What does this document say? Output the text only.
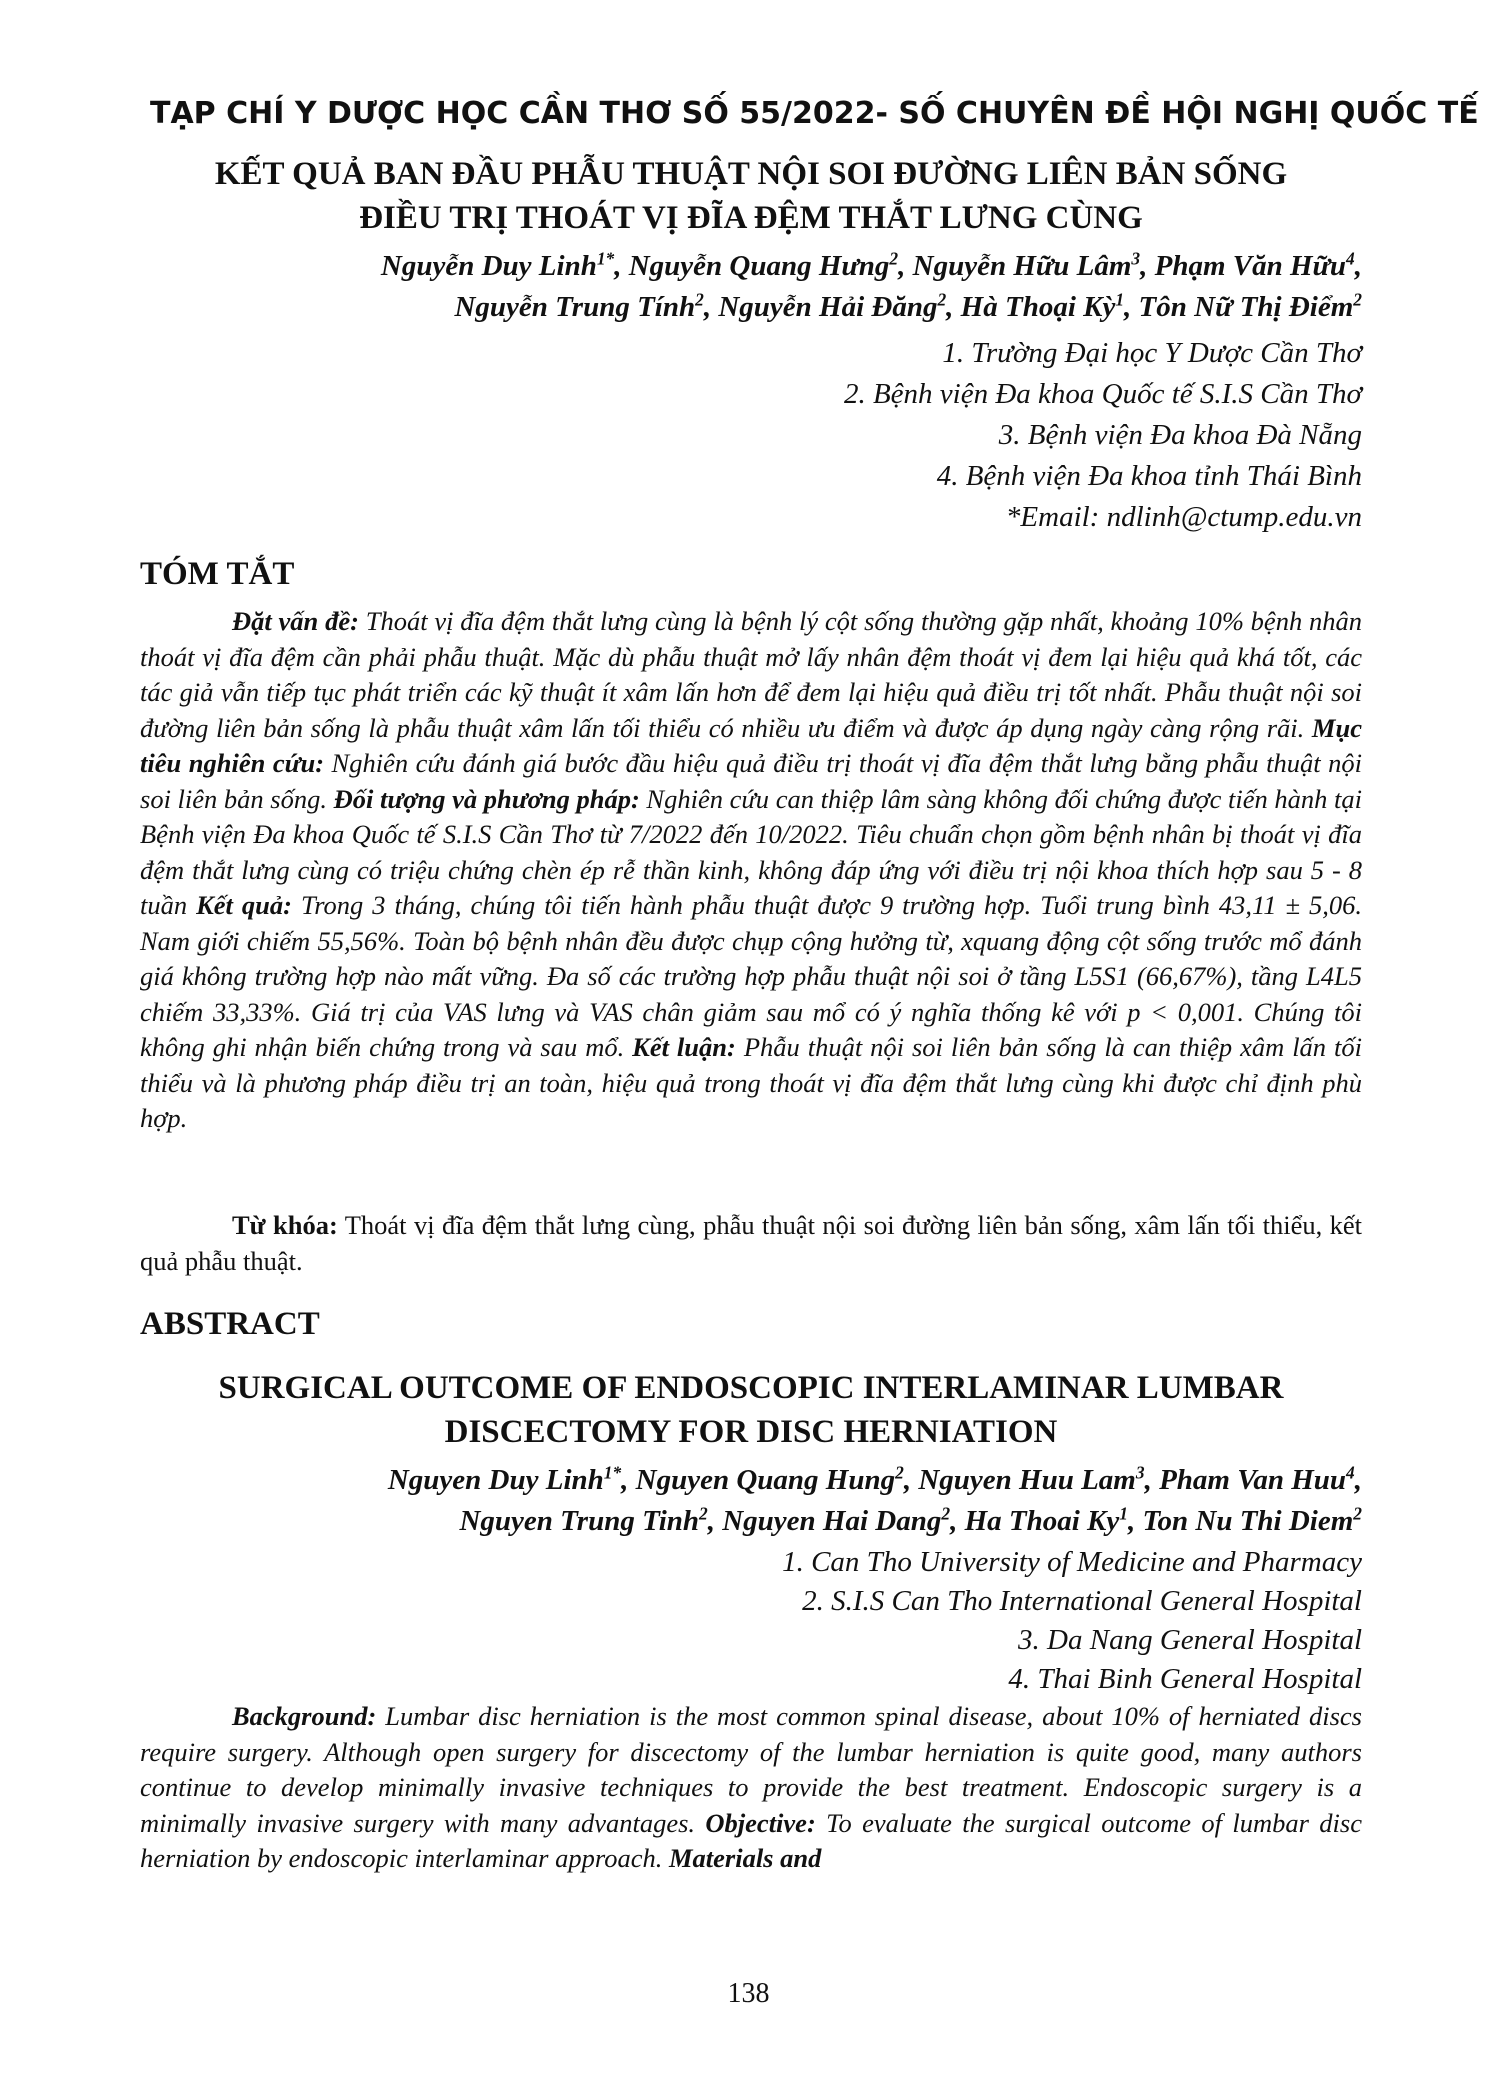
TẠP CHÍ Y DƯỢC HỌC CẦN THƠ SỐ 55/2022- SỐ CHUYÊN ĐỀ HỘI NGHỊ QUỐC TẾ
KẾT QUẢ BAN ĐẦU PHẪU THUẬT NỘI SOI ĐƯỜNG LIÊN BẢN SỐNG
ĐIỀU TRỊ THOÁT VỊ ĐĨA ĐỆM THẮT LƯNG CÙNG
Nguyễn Duy Linh$^{1*}$, Nguyễn Quang Hưng$^2$, Nguyễn Hữu Lâm$^3$, Phạm Văn Hữu$^4$,
Nguyễn Trung Tính$^2$, Nguyễn Hải Đăng$^2$, Hà Thoại Kỳ$^1$, Tôn Nữ Thị Điểm$^2$
1. Trường Đại học Y Dược Cần Thơ
2. Bệnh viện Đa khoa Quốc tế S.I.S Cần Thơ
3. Bệnh viện Đa khoa Đà Nẵng
4. Bệnh viện Đa khoa tỉnh Thái Bình
*Email: ndlinh@ctump.edu.vn
TÓM TẮT
Đặt vấn đề: Thoát vị đĩa đệm thắt lưng cùng là bệnh lý cột sống thường gặp nhất, khoảng 10% bệnh nhân thoát vị đĩa đệm cần phải phẫu thuật. Mặc dù phẫu thuật mở lấy nhân đệm thoát vị đem lại hiệu quả khá tốt, các tác giả vẫn tiếp tục phát triển các kỹ thuật ít xâm lấn hơn để đem lại hiệu quả điều trị tốt nhất. Phẫu thuật nội soi đường liên bản sống là phẫu thuật xâm lấn tối thiểu có nhiều ưu điểm và được áp dụng ngày càng rộng rãi. Mục tiêu nghiên cứu: Nghiên cứu đánh giá bước đầu hiệu quả điều trị thoát vị đĩa đệm thắt lưng bằng phẫu thuật nội soi liên bản sống. Đối tượng và phương pháp: Nghiên cứu can thiệp lâm sàng không đối chứng được tiến hành tại Bệnh viện Đa khoa Quốc tế S.I.S Cần Thơ từ 7/2022 đến 10/2022. Tiêu chuẩn chọn gồm bệnh nhân bị thoát vị đĩa đệm thắt lưng cùng có triệu chứng chèn ép rễ thần kinh, không đáp ứng với điều trị nội khoa thích hợp sau 5 - 8 tuần Kết quả: Trong 3 tháng, chúng tôi tiến hành phẫu thuật được 9 trường hợp. Tuổi trung bình 43,11 ± 5,06. Nam giới chiếm 55,56%. Toàn bộ bệnh nhân đều được chụp cộng hưởng từ, xquang động cột sống trước mổ đánh giá không trường hợp nào mất vững. Đa số các trường hợp phẫu thuật nội soi ở tầng L5S1 (66,67%), tầng L4L5 chiếm 33,33%. Giá trị của VAS lưng và VAS chân giảm sau mổ có ý nghĩa thống kê với p < 0,001. Chúng tôi không ghi nhận biến chứng trong và sau mổ. Kết luận: Phẫu thuật nội soi liên bản sống là can thiệp xâm lấn tối thiểu và là phương pháp điều trị an toàn, hiệu quả trong thoát vị đĩa đệm thắt lưng cùng khi được chỉ định phù hợp.
Từ khóa: Thoát vị đĩa đệm thắt lưng cùng, phẫu thuật nội soi đường liên bản sống, xâm lấn tối thiểu, kết quả phẫu thuật.
ABSTRACT
SURGICAL OUTCOME OF ENDOSCOPIC INTERLAMINAR LUMBAR
DISCECTOMY FOR DISC HERNIATION
Nguyen Duy Linh$^{1*}$, Nguyen Quang Hung$^2$, Nguyen Huu Lam$^3$, Pham Van Huu$^4$,
Nguyen Trung Tinh$^2$, Nguyen Hai Dang$^2$, Ha Thoai Ky$^1$, Ton Nu Thi Diem$^2$
1. Can Tho University of Medicine and Pharmacy
2. S.I.S Can Tho International General Hospital
3. Da Nang General Hospital
4. Thai Binh General Hospital
Background: Lumbar disc herniation is the most common spinal disease, about 10% of herniated discs require surgery. Although open surgery for discectomy of the lumbar herniation is quite good, many authors continue to develop minimally invasive techniques to provide the best treatment. Endoscopic surgery is a minimally invasive surgery with many advantages. Objective: To evaluate the surgical outcome of lumbar disc herniation by endoscopic interlaminar approach. Materials and
138
